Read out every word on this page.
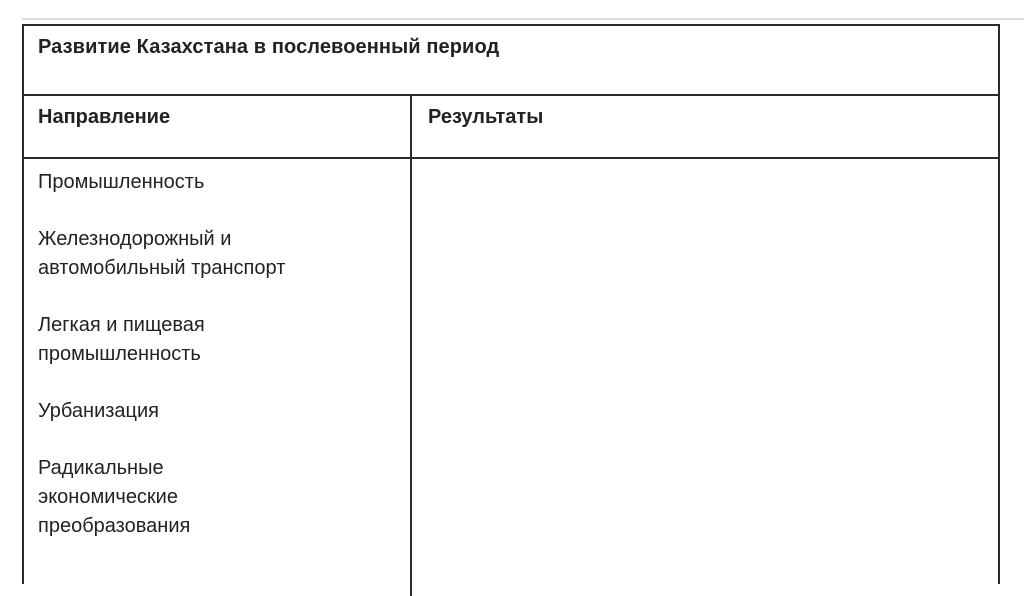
Развитие Казахстана в послевоенный период
Направление	Результаты
Промышленность
Железнодорожный и
автомобильный транспорт
Легкая и пищевая
промышленность
Урбанизация
Радикальные
экономические
преобразования
